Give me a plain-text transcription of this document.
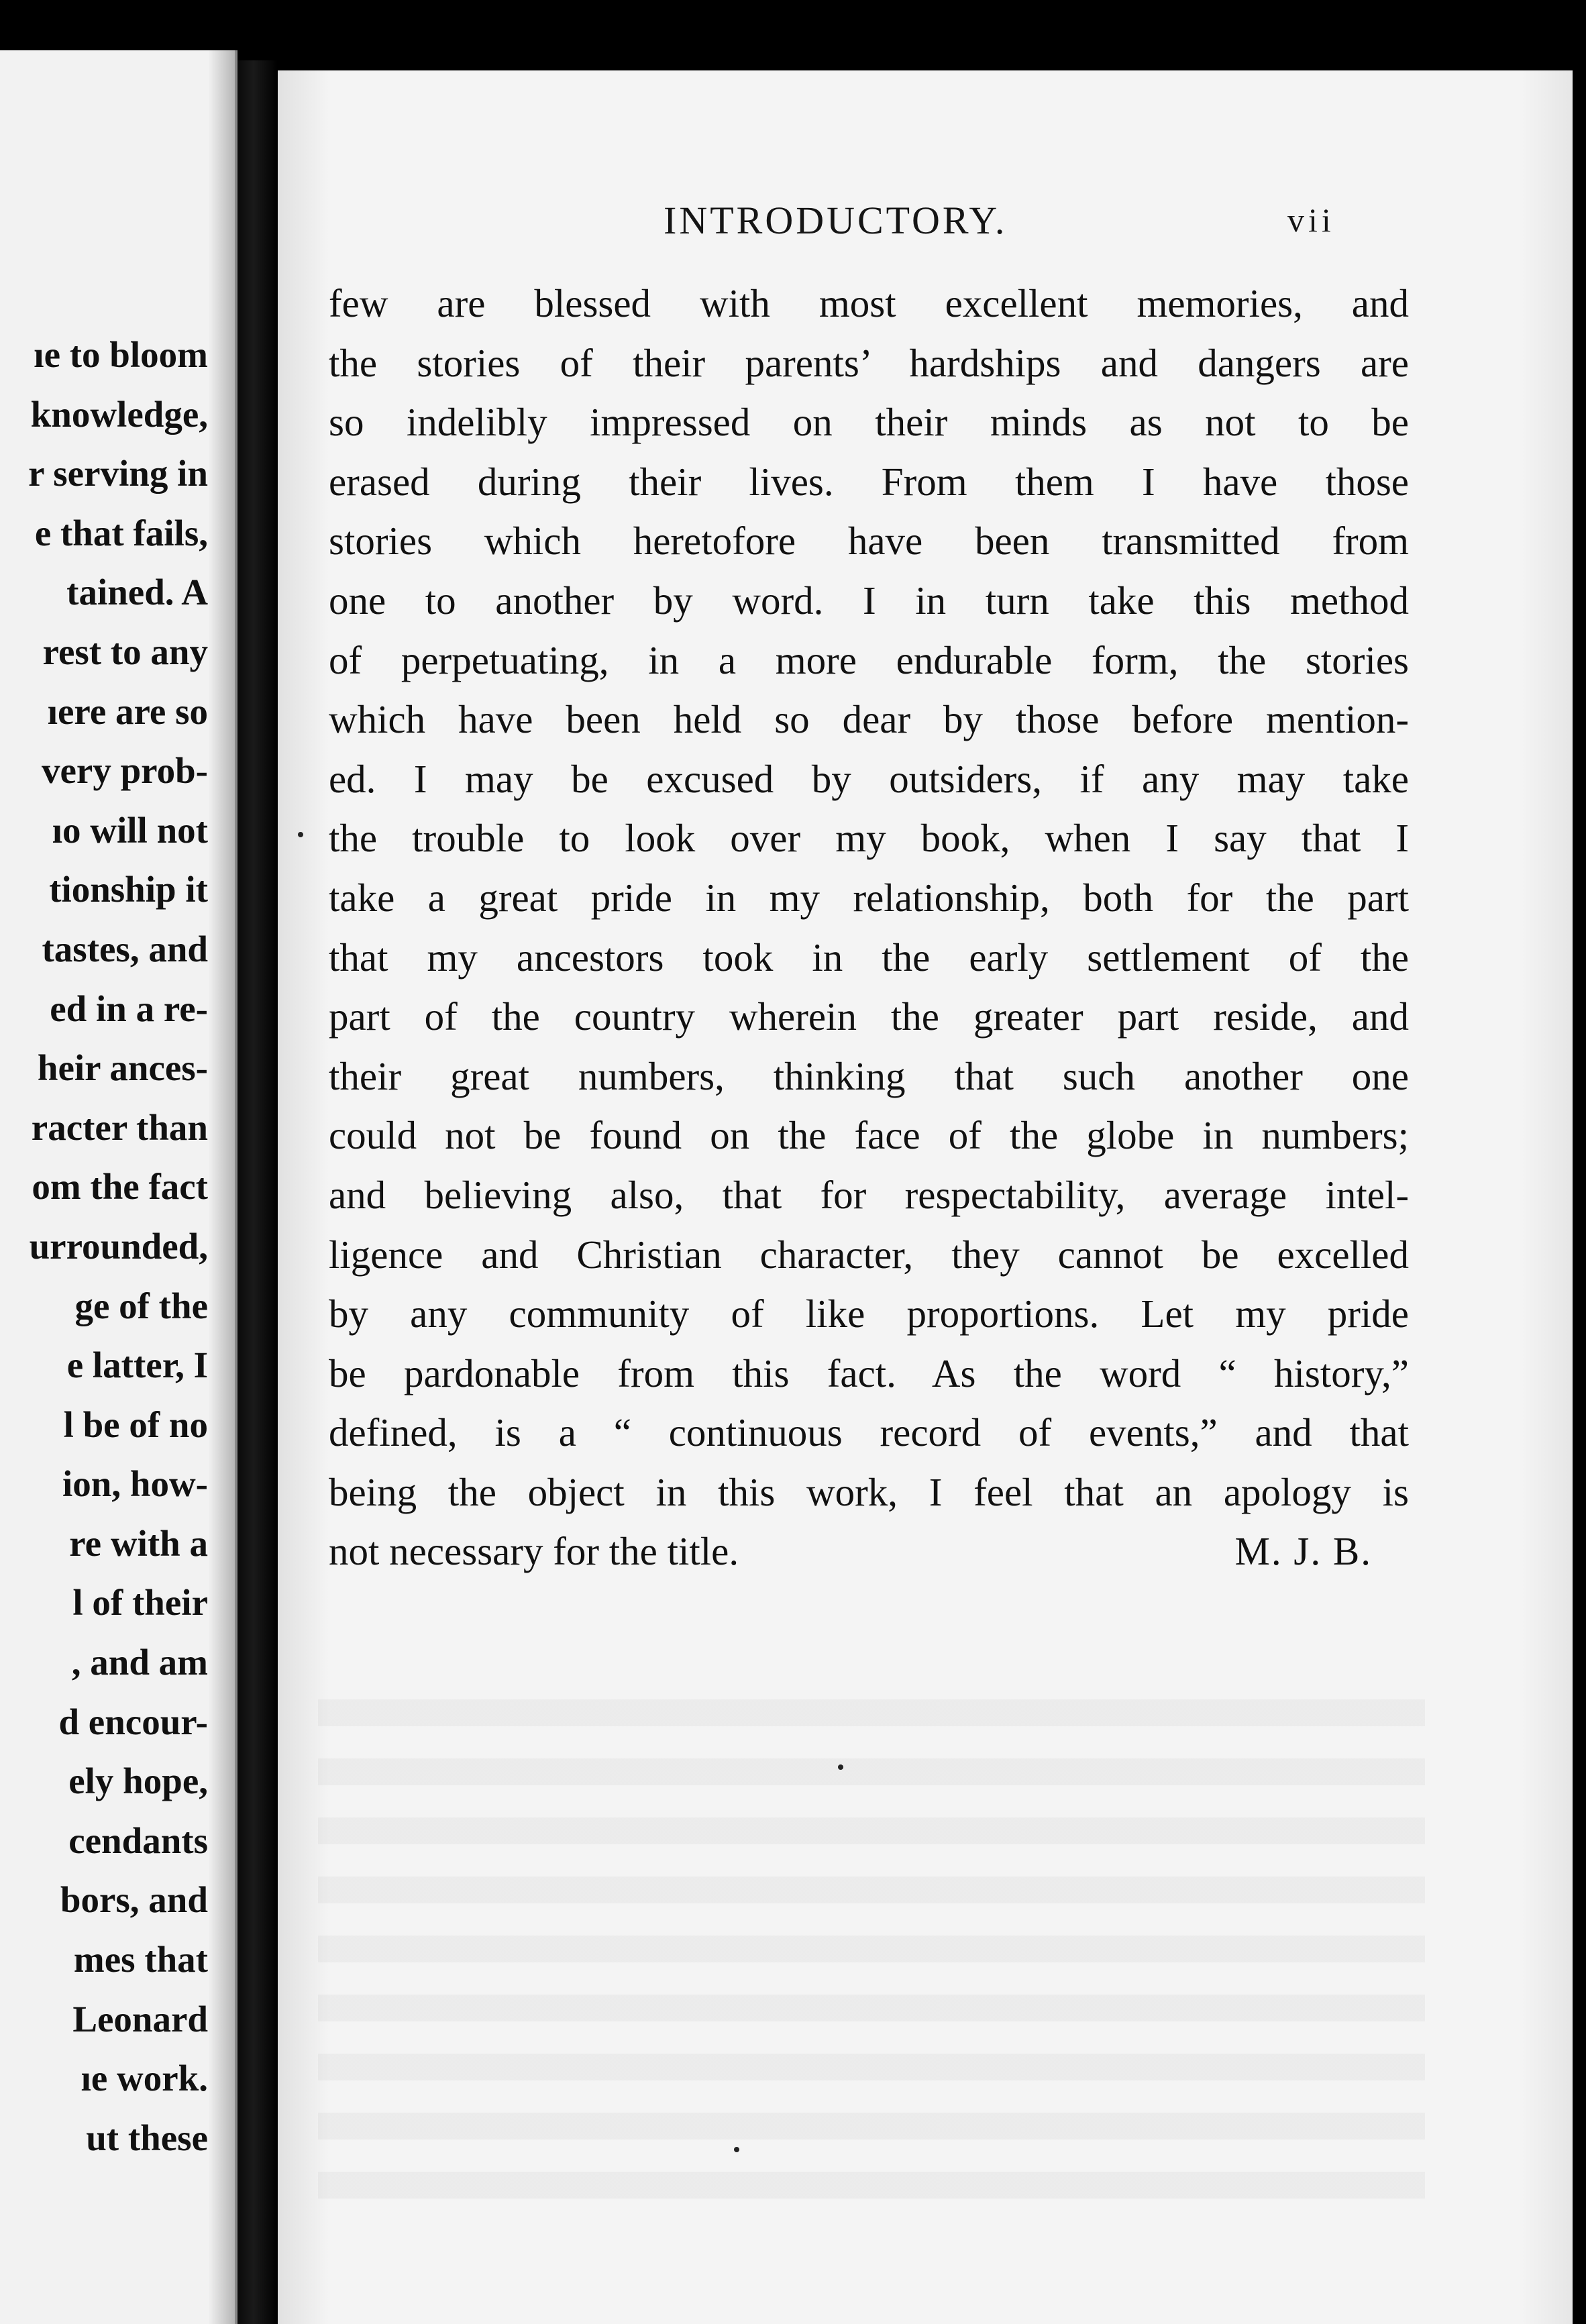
ıe to bloom
knowledge,
r serving in
e that fails,
tained. A
rest to any
ıere are so
very prob-
ıo will not
tionship it
tastes, and
ed in a re-
heir ances-
racter than
om the fact
urrounded,
ge of the
e latter, I
l be of no
ion, how-
re with a
l of their
, and am
d encour-
ely hope,
cendants
bors, and
mes that
Leonard
ıe work.
ut these
INTRODUCTORY.	vii
few are blessed with most excellent memories, and
the stories of their parents’ hardships and dangers are
so indelibly impressed on their minds as not to be
erased during their lives. From them I have those
stories which heretofore have been transmitted from
one to another by word. I in turn take this method
of perpetuating, in a more endurable form, the stories
which have been held so dear by those before mention-
ed. I may be excused by outsiders, if any may take
the trouble to look over my book, when I say that I
take a great pride in my relationship, both for the part
that my ancestors took in the early settlement of the
part of the country wherein the greater part reside, and
their great numbers, thinking that such another one
could not be found on the face of the globe in numbers;
and believing also, that for respectability, average intel-
ligence and Christian character, they cannot be excelled
by any community of like proportions. Let my pride
be pardonable from this fact. As the word “ history,”
defined, is a “ continuous record of events,” and that
being the object in this work, I feel that an apology is
not necessary for the title.	M. J. B.
